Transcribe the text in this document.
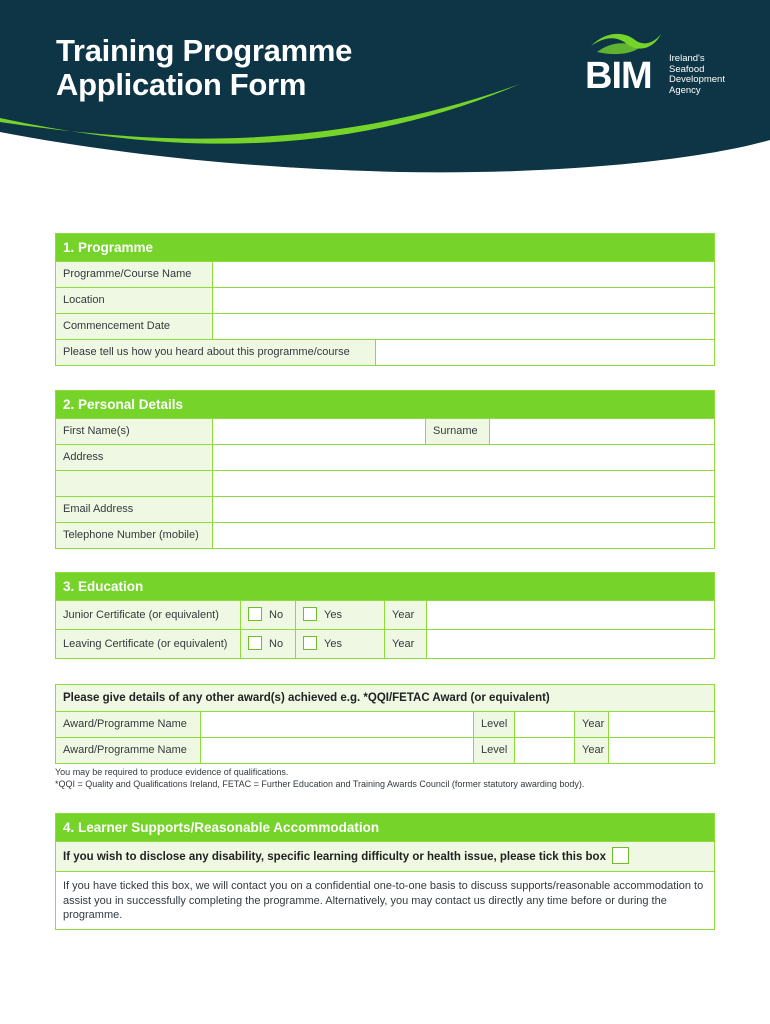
Training Programme
Application Form	BIM Ireland's
Seafood
Development
Agency
1. Programme
Programme/Course Name
Location
Commencement Date
Please tell us how you heard about this programme/course
2. Personal Details
First Name(s)	Surname
Address
Email Address
Telephone Number (mobile)
3. Education
Junior Certificate (or equivalent)	No	Yes	Year
Leaving Certificate (or equivalent)	No	Yes	Year
Please give details of any other award(s) achieved e.g. *QQI/FETAC Award (or equivalent)
Award/Programme Name	Level	Year
Award/Programme Name	Level	Year
You may be required to produce evidence of qualifications.
*QQI = Quality and Qualifications Ireland, FETAC = Further Education and Training Awards Council (former statutory awarding body).
4. Learner Supports/Reasonable Accommodation
If you wish to disclose any disability, specific learning difficulty or health issue, please tick this box
If you have ticked this box, we will contact you on a confidential one-to-one basis to discuss supports/reasonable accommodation to assist you in successfully completing the programme. Alternatively, you may contact us directly any time before or during the programme.
